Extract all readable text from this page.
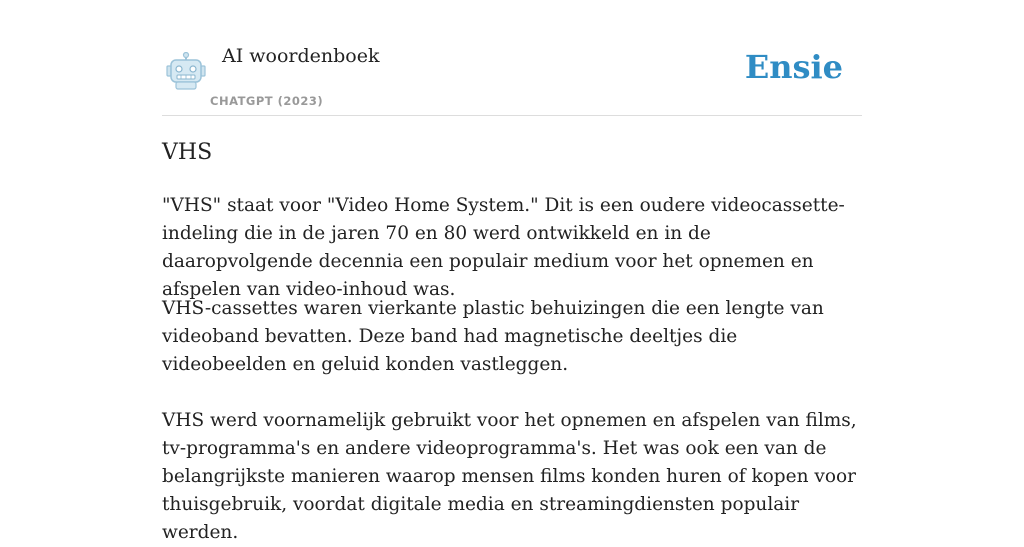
AI woordenboek
CHATGPT (2023)
Ensie
VHS

"VHS" staat voor "Video Home System." Dit is een oudere videocassette-indeling die in de jaren 70 en 80 werd ontwikkeld en in de daaropvolgende decennia een populair medium voor het opnemen en afspelen van video-inhoud was.

VHS-cassettes waren vierkante plastic behuizingen die een lengte van videoband bevatten. Deze band had magnetische deeltjes die videobeelden en geluid konden vastleggen.

VHS werd voornamelijk gebruikt voor het opnemen en afspelen van films, tv-programma's en andere videoprogramma's. Het was ook een van de belangrijkste manieren waarop mensen films konden huren of kopen voor thuisgebruik, voordat digitale media en streamingdiensten populair werden.
